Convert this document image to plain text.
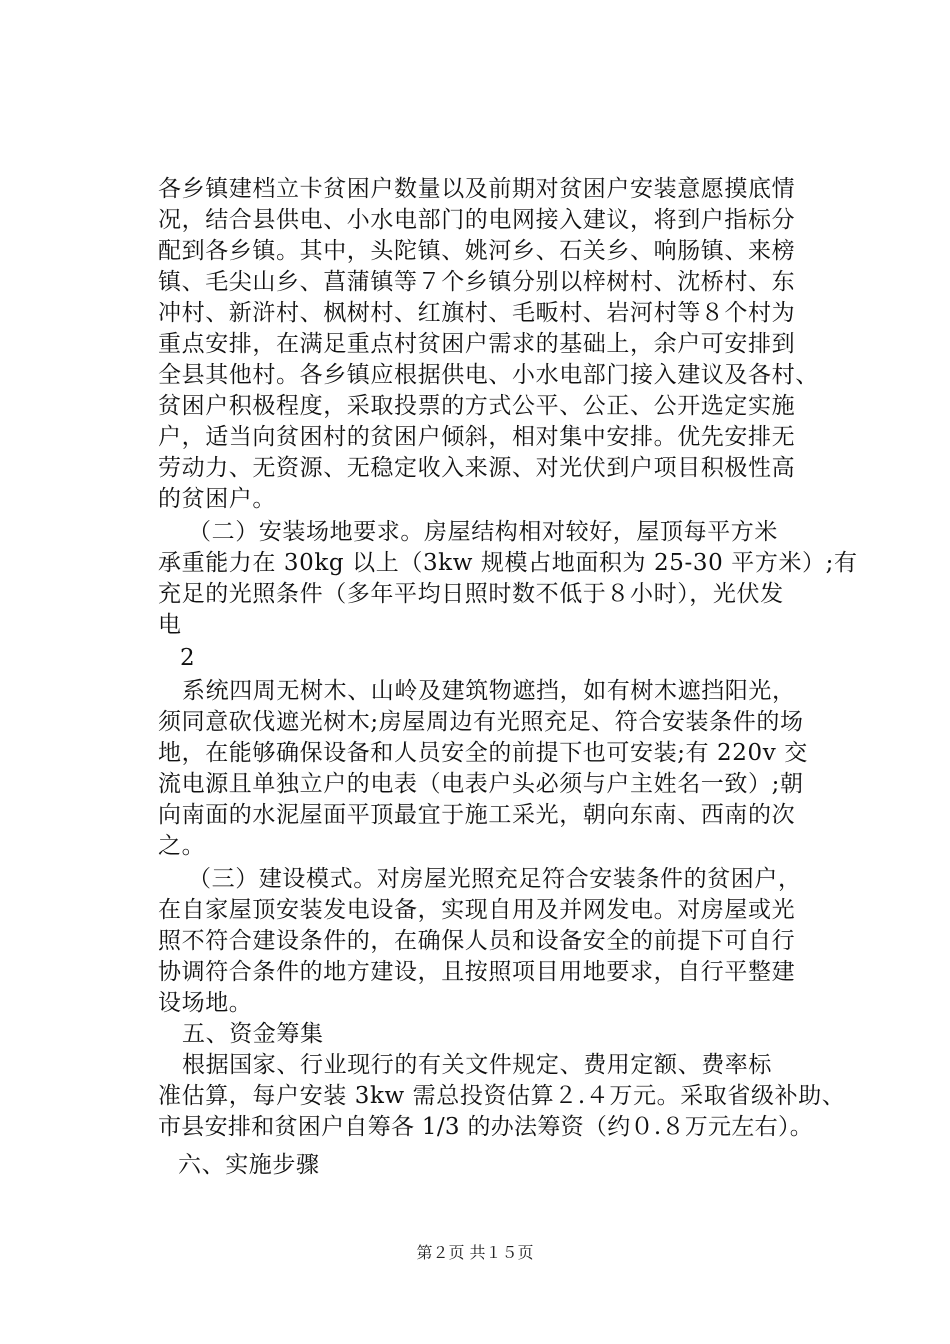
各乡镇建档立卡贫困户数量以及前期对贫困户安装意愿摸底情
况，结合县供电、小水电部门的电网接入建议，将到户指标分
配到各乡镇。其中，头陀镇、姚河乡、石关乡、响肠镇、来榜
镇、毛尖山乡、菖蒲镇等７个乡镇分别以梓树村、沈桥村、东
冲村、新浒村、枫树村、红旗村、毛畈村、岩河村等８个村为
重点安排，在满足重点村贫困户需求的基础上，余户可安排到
全县其他村。各乡镇应根据供电、小水电部门接入建议及各村、
贫困户积极程度，采取投票的方式公平、公正、公开选定实施
户，适当向贫困村的贫困户倾斜，相对集中安排。优先安排无
劳动力、无资源、无稳定收入来源、对光伏到户项目积极性高
的贫困户。
（二）安装场地要求。房屋结构相对较好，屋顶每平方米
承重能力在 30kg 以上（3kw 规模占地面积为 25-30 平方米）;有
充足的光照条件（多年平均日照时数不低于８小时），光伏发
电
2
系统四周无树木、山岭及建筑物遮挡，如有树木遮挡阳光，
须同意砍伐遮光树木;房屋周边有光照充足、符合安装条件的场
地，在能够确保设备和人员安全的前提下也可安装;有 220v 交
流电源且单独立户的电表（电表户头必须与户主姓名一致）;朝
向南面的水泥屋面平顶最宜于施工采光，朝向东南、西南的次
之。
（三）建设模式。对房屋光照充足符合安装条件的贫困户，
在自家屋顶安装发电设备，实现自用及并网发电。对房屋或光
照不符合建设条件的，在确保人员和设备安全的前提下可自行
协调符合条件的地方建设，且按照项目用地要求，自行平整建
设场地。
五、资金筹集
根据国家、行业现行的有关文件规定、费用定额、费率标
准估算，每户安装 3kw 需总投资估算２.４万元。采取省级补助、
市县安排和贫困户自筹各 1/3 的办法筹资（约０.８万元左右）。
第２页 共１５页
六、实施步骤
